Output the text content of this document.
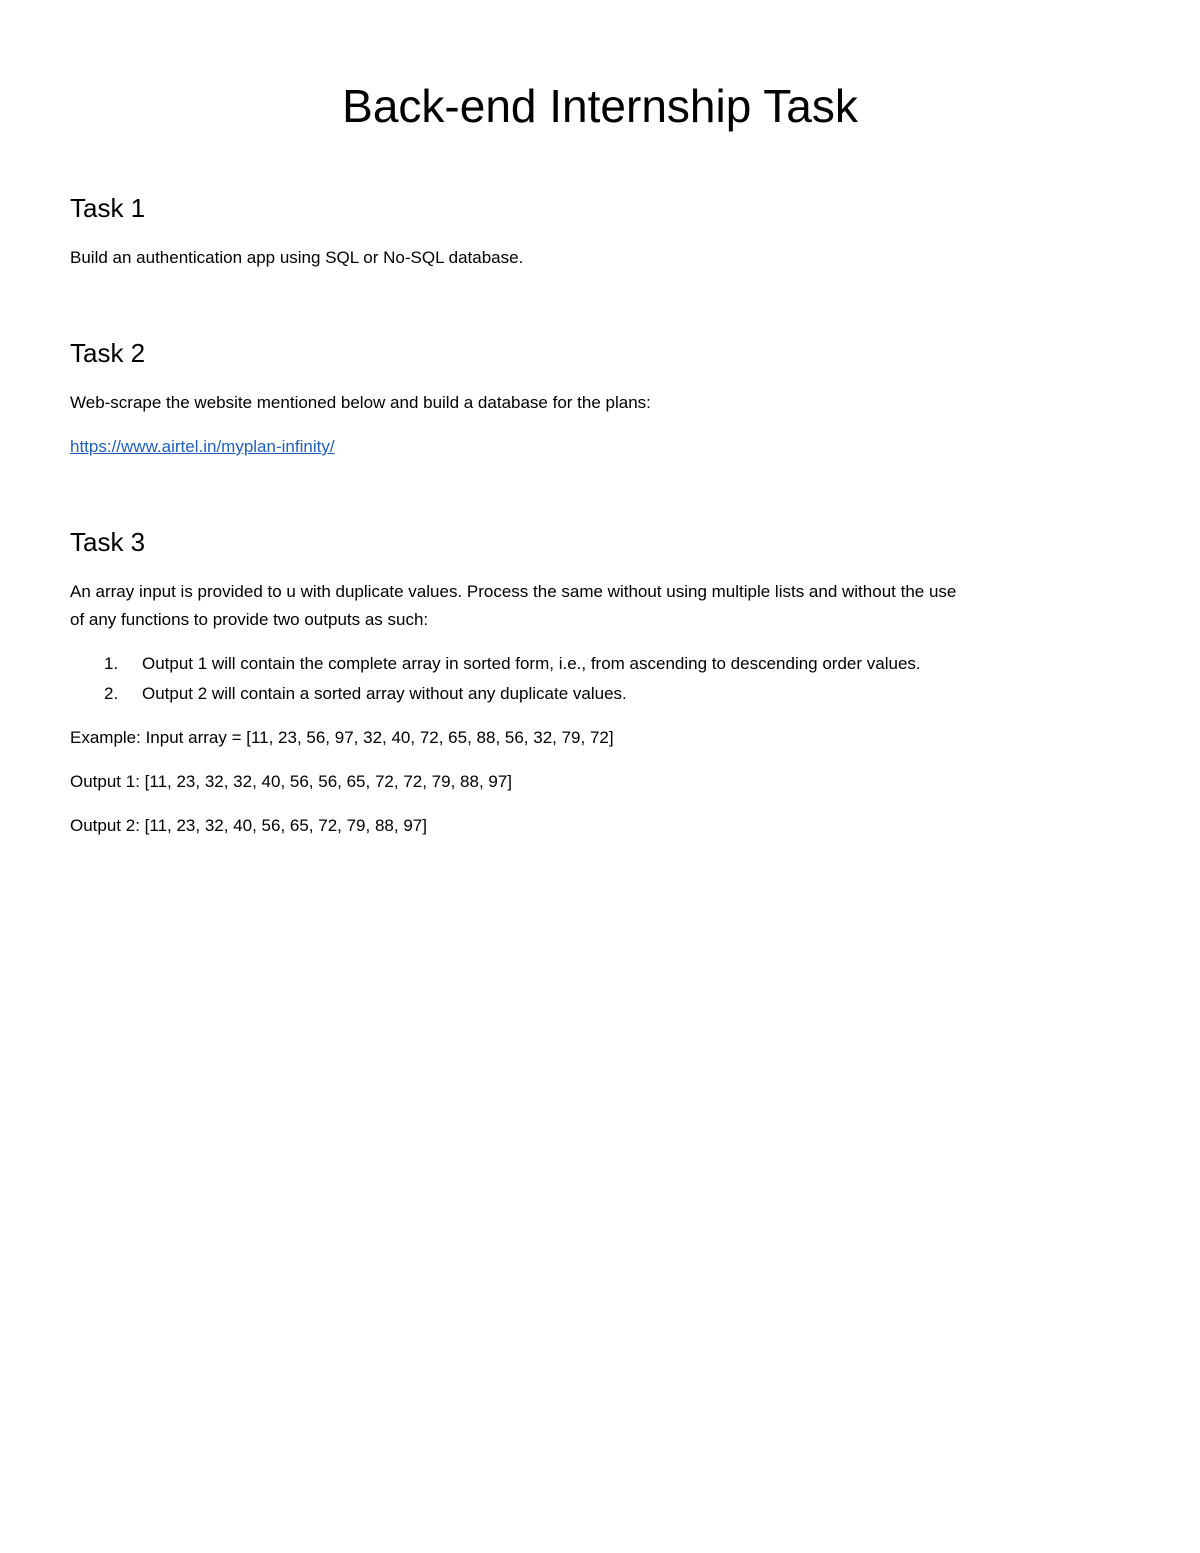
Back-end Internship Task
Task 1

Build an authentication app using SQL or No-SQL database.

Task 2

Web-scrape the website mentioned below and build a database for the plans:

https://www.airtel.in/myplan-infinity/

Task 3

An array input is provided to u with duplicate values. Process the same without using multiple lists and without the use

of any functions to provide two outputs as such:

1. Output 1 will contain the complete array in sorted form, i.e., from ascending to descending order values.

2. Output 2 will contain a sorted array without any duplicate values.

Example: Input array = [11, 23, 56, 97, 32, 40, 72, 65, 88, 56, 32, 79, 72]

Output 1: [11, 23, 32, 32, 40, 56, 56, 65, 72, 72, 79, 88, 97]

Output 2: [11, 23, 32, 40, 56, 65, 72, 79, 88, 97]
